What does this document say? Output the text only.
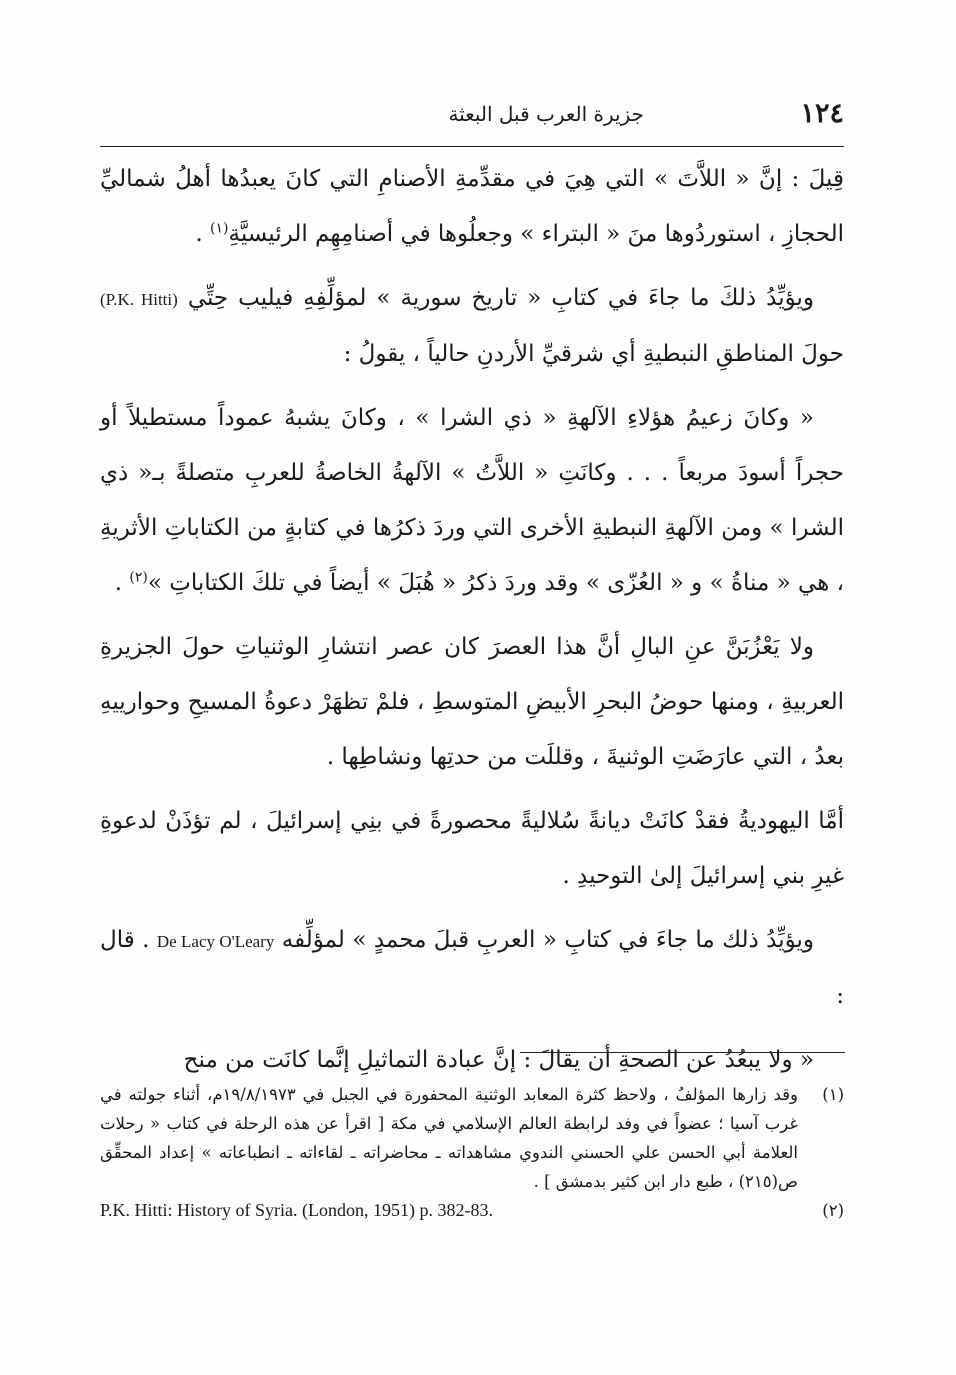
١٢٤
جزيرة العرب قبل البعثة

قِيلَ : إنَّ « اللاَّتَ » التي هِيَ في مقدِّمةِ الأصنامِ التي كانَ يعبدُها أهلُ شماليِّ الحجازِ ، استوردُوها منَ « البتراء » وجعلُوها في أصنامِهِم الرئيسيَّةِ$^{(١)}$ .

ويؤيِّدُ ذلكَ ما جاءَ في كتابِ « تاريخ سورية » لمؤلِّفِهِ فيليب حِتِّي (P.K. Hitti) حولَ المناطقِ النبطيةِ أي شرقيِّ الأردنِ حالياً ، يقولُ :

« وكانَ زعيمُ هؤلاءِ الآلهةِ « ذي الشرا » ، وكانَ يشبهُ عموداً مستطيلاً أو حجراً أسودَ مربعاً . . . وكانَتِ « اللاَّتُ » الآلهةُ الخاصةُ للعربِ متصلةً بـ« ذي الشرا » ومن الآلهةِ النبطيةِ الأخرى التي وردَ ذكرُها في كتابةٍ من الكتاباتِ الأثريةِ ، هي « مناةُ » و « العُزّى » وقد وردَ ذكرُ « هُبَلَ » أيضاً في تلكَ الكتاباتِ »$^{(٢)}$ .

ولا يَعْزُبَنَّ عنِ البالِ أنَّ هذا العصرَ كان عصر انتشارِ الوثنياتِ حولَ الجزيرةِ العربيةِ ، ومنها حوضُ البحرِ الأبيضِ المتوسطِ ، فلمْ تظهَرْ دعوةُ المسيحِ وحوارييهِ بعدُ ، التي عارَضَتِ الوثنيةَ ، وقللَت من حدتِها ونشاطِها .

أمَّا اليهوديةُ فقدْ كانَتْ ديانةً سُلاليةً محصورةً في بنِي إسرائيلَ ، لم تؤذَنْ لدعوةِ غيرِ بني إسرائيلَ إلىٰ التوحيدِ .

ويؤيِّدُ ذلك ما جاءَ في كتابِ « العربِ قبلَ محمدٍ » لمؤلِّفه De Lacy O'Leary . قال :

« ولا يبعُدُ عن الصحةِ أن يقالَ : إنَّ عبادة التماثيلِ إنَّما كانَت من منح

(١)
وقد زارها المؤلفُ ، ولاحظ كثرة المعابد الوثنية المحفورة في الجبل في ١٩/٨/١٩٧٣م، أثناء جولته في غرب آسيا ؛ عضواً في وفد لرابطة العالم الإسلامي في مكة [ اقرأ عن هذه الرحلة في كتاب « رحلات العلامة أبي الحسن علي الحسني الندوي مشاهداته ـ محاضراته ـ لقاءاته ـ انطباعاته » إعداد المحقِّق ص(٢١٥) ، طبع دار ابن كثير بدمشق ] .
(٢)
P.K. Hitti: History of Syria. (London, 1951) p. 382-83.
